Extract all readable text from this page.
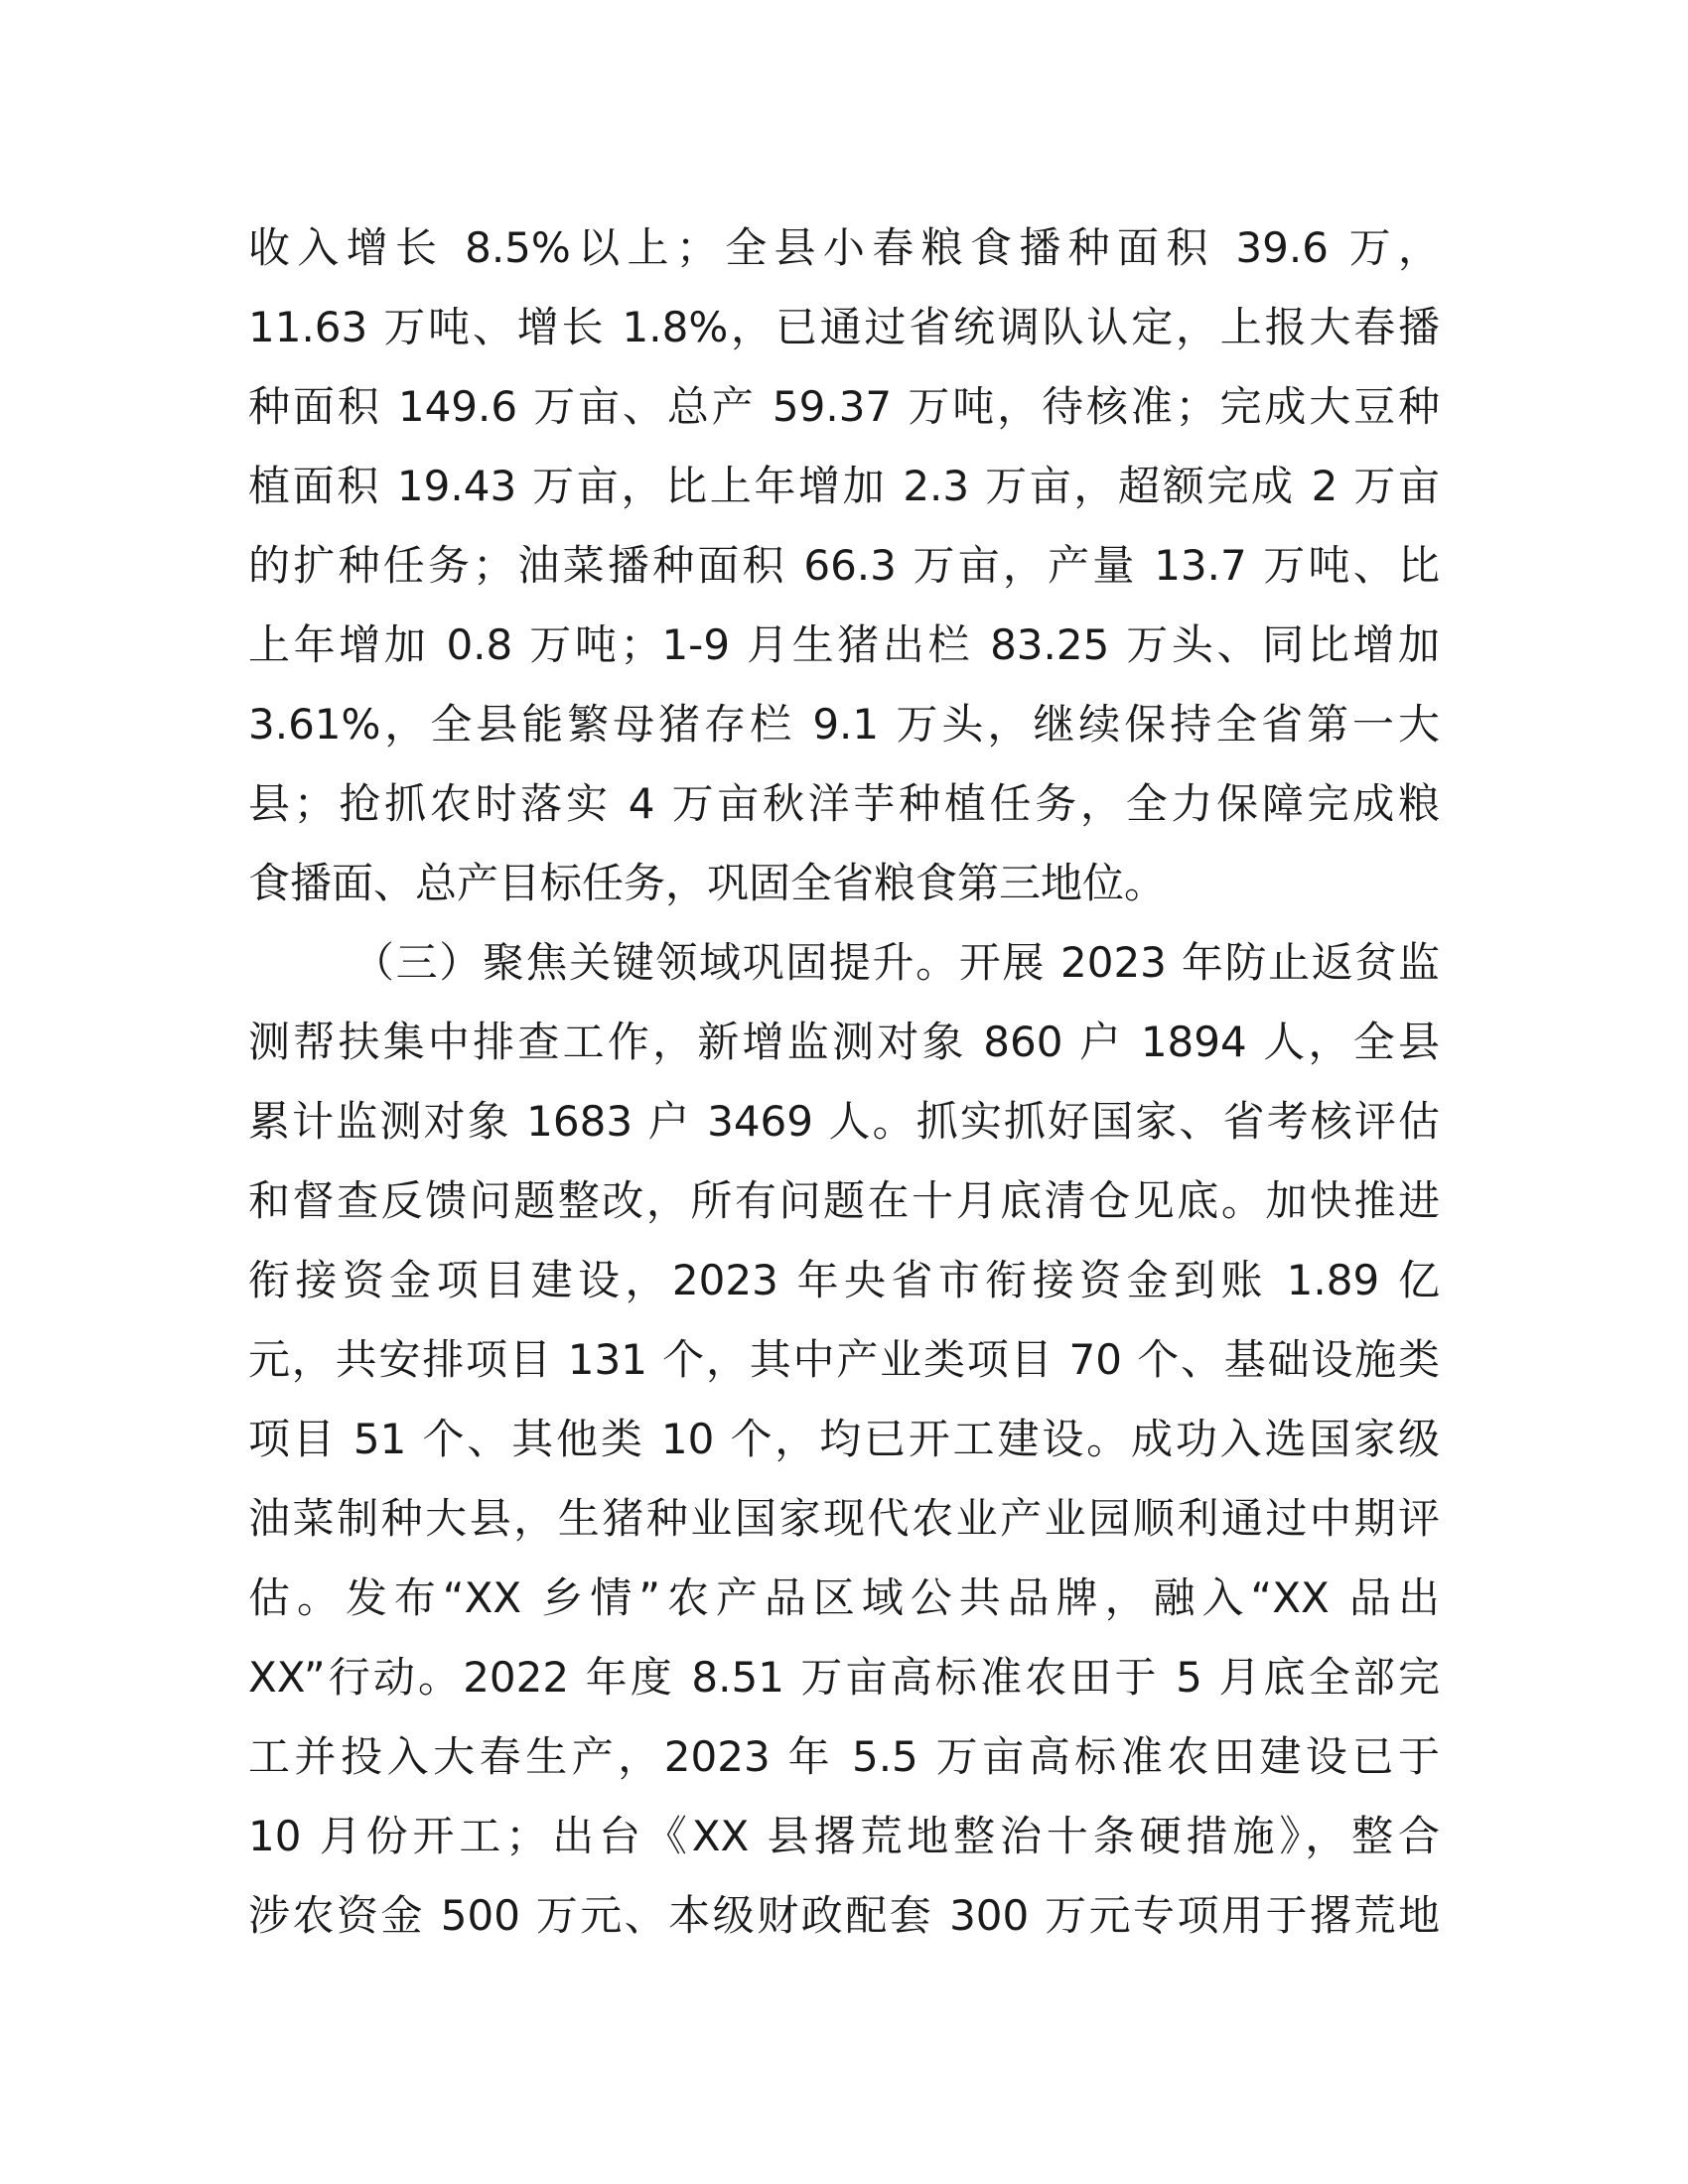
收入增长 8.5%以上；全县小春粮食播种面积 39.6 万，
11.63 万吨、增长 1.8%，已通过省统调队认定，上报大春播
种面积 149.6 万亩、总产 59.37 万吨，待核准；完成大豆种
植面积 19.43 万亩，比上年增加 2.3 万亩，超额完成 2 万亩
的扩种任务；油菜播种面积 66.3 万亩，产量 13.7 万吨、比
上年增加 0.8 万吨；1-9 月生猪出栏 83.25 万头、同比增加
3.61%，全县能繁母猪存栏 9.1 万头，继续保持全省第一大
县；抢抓农时落实 4 万亩秋洋芋种植任务，全力保障完成粮
食播面、总产目标任务，巩固全省粮食第三地位。
（三）聚焦关键领域巩固提升。开展 2023 年防止返贫监
测帮扶集中排查工作，新增监测对象 860 户 1894 人，全县
累计监测对象 1683 户 3469 人。抓实抓好国家、省考核评估
和督查反馈问题整改，所有问题在十月底清仓见底。加快推进
衔接资金项目建设，2023 年央省市衔接资金到账 1.89 亿
元，共安排项目 131 个，其中产业类项目 70 个、基础设施类
项目 51 个、其他类 10 个，均已开工建设。成功入选国家级
油菜制种大县，生猪种业国家现代农业产业园顺利通过中期评
估。发布“XX 乡情”农产品区域公共品牌，融入“XX 品出
XX”行动。2022 年度 8.51 万亩高标准农田于 5 月底全部完
工并投入大春生产，2023 年 5.5 万亩高标准农田建设已于
10 月份开工；出台《XX 县撂荒地整治十条硬措施》，整合
涉农资金 500 万元、本级财政配套 300 万元专项用于撂荒地
